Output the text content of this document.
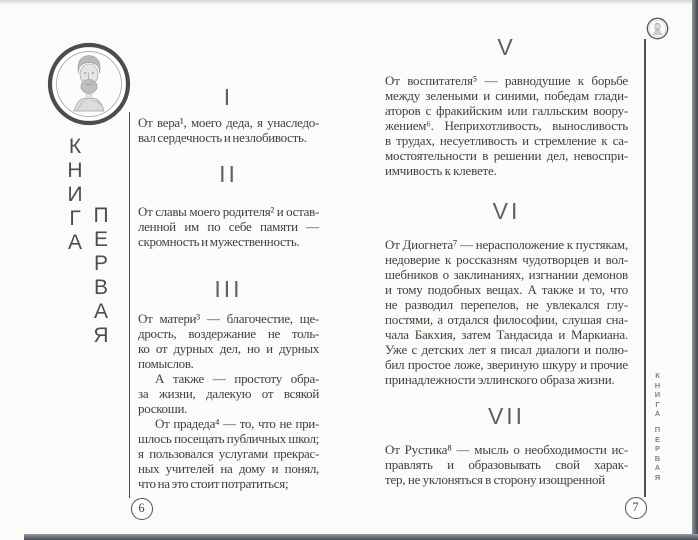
К
Н
И
Г
А
П
Е
Р
В
А
Я
I
От вера¹, моего деда, я унаследо-
вал сердечность и незлобивость.
II
От славы моего родителя² и остав-
ленной им по себе памяти —
скромность и мужественность.
III
От матери³ — благочестие, ще-
дрость, воздержание не толь-
ко от дурных дел, но и дурных
помыслов.
А также — простоту обра-
за жизни, далекую от всякой
роскоши.
От прадеда⁴ — то, что не при-
шлось посещать публичных школ;
я пользовался услугами прекрас-
ных учителей на дому и понял,
что на это стоит потратиться;
6
V
От воспитателя⁵ — равнодушие к борьбе
между зелеными и синими, победам глади-
аторов с фракийским или галльским воору-
жением⁶. Неприхотливость, выносливость
в трудах, несуетливость и стремление к са-
мостоятельности в решении дел, невоспри-
имчивость к клевете.
VI
От Диогнета⁷ — нерасположение к пустякам,
недоверие к россказням чудотворцев и вол-
шебников о заклинаниях, изгнании демонов
и тому подобных вещах. А также и то, что
не разводил перепелов, не увлекался глу-
постями, а отдался философии, слушая сна-
чала Бакхия, затем Тандасида и Маркиана.
Уже с детских лет я писал диалоги и полю-
бил простое ложе, звериную шкуру и прочие
принадлежности эллинского образа жизни.
VII
От Рустика⁸ — мысль о необходимости ис-
правлять и образовывать свой харак-
тер, не уклоняться в сторону изощренной
К
Н
И
Г
А
П
Е
Р
В
А
Я
7
